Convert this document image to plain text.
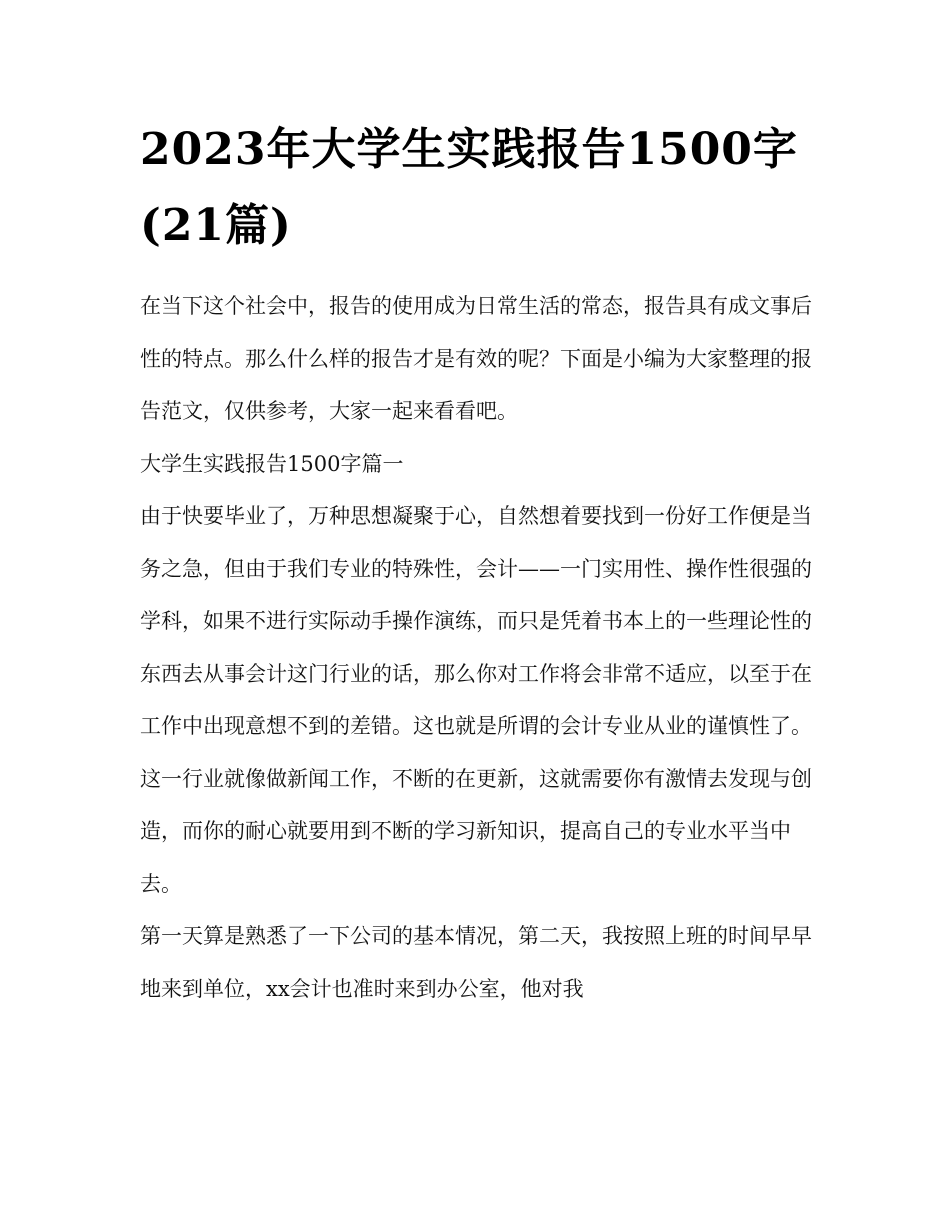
2023年大学生实践报告1500字(21篇)

在当下这个社会中，报告的使用成为日常生活的常态，报告具有成文事后性的特点。那么什么样的报告才是有效的呢？下面是小编为大家整理的报告范文，仅供参考，大家一起来看看吧。

大学生实践报告1500字篇一

由于快要毕业了，万种思想凝聚于心，自然想着要找到一份好工作便是当务之急，但由于我们专业的特殊性，会计——一门实用性、操作性很强的学科，如果不进行实际动手操作演练，而只是凭着书本上的一些理论性的东西去从事会计这门行业的话，那么你对工作将会非常不适应，以至于在工作中出现意想不到的差错。这也就是所谓的会计专业从业的谨慎性了。

这一行业就像做新闻工作，不断的在更新，这就需要你有激情去发现与创造，而你的耐心就要用到不断的学习新知识，提高自己的专业水平当中去。

第一天算是熟悉了一下公司的基本情况，第二天，我按照上班的时间早早地来到单位，xx会计也准时来到办公室，他对我
